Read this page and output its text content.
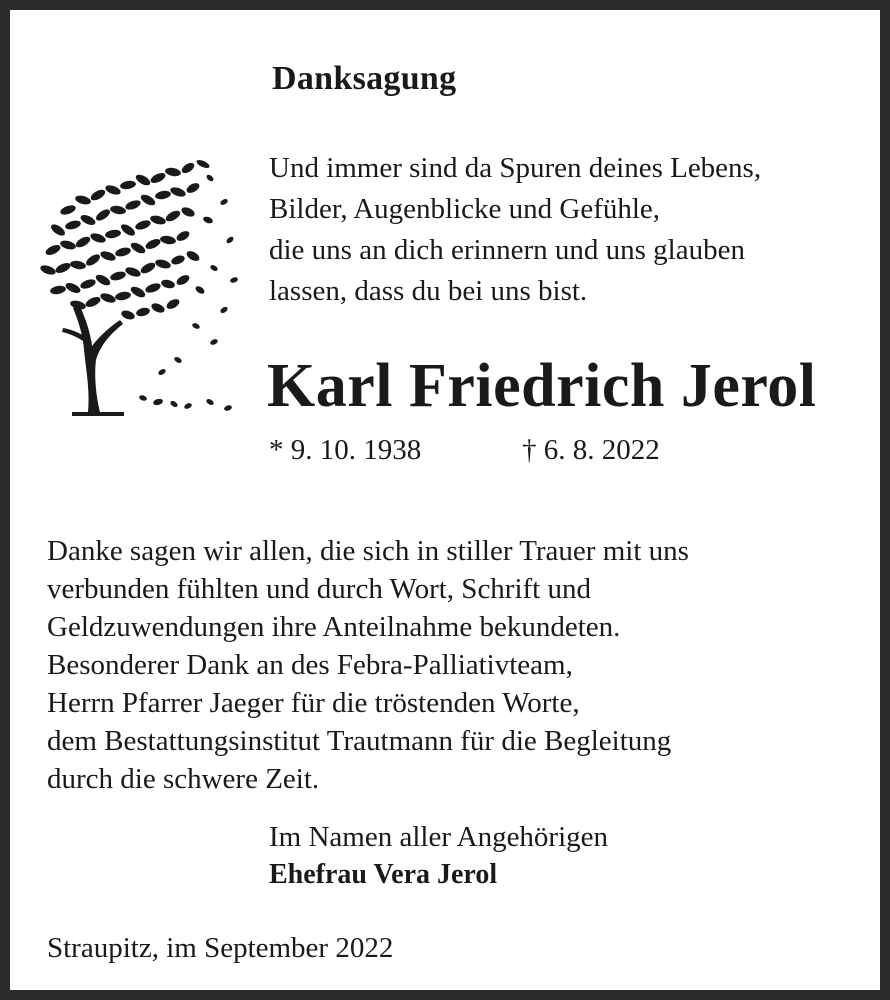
Danksagung
Und immer sind da Spuren deines Lebens,
Bilder, Augenblicke und Gefühle,
die uns an dich erinnern und uns glauben
lassen, dass du bei uns bist.
Karl Friedrich Jerol
* 9. 10. 1938	† 6. 8. 2022
Danke sagen wir allen, die sich in stiller Trauer mit uns
verbunden fühlten und durch Wort, Schrift und
Geldzuwendungen ihre Anteilnahme bekundeten.
Besonderer Dank an des Febra-Palliativteam,
Herrn Pfarrer Jaeger für die tröstenden Worte,
dem Bestattungsinstitut Trautmann für die Begleitung
durch die schwere Zeit.
Im Namen aller Angehörigen
Ehefrau Vera Jerol
Straupitz, im September 2022
